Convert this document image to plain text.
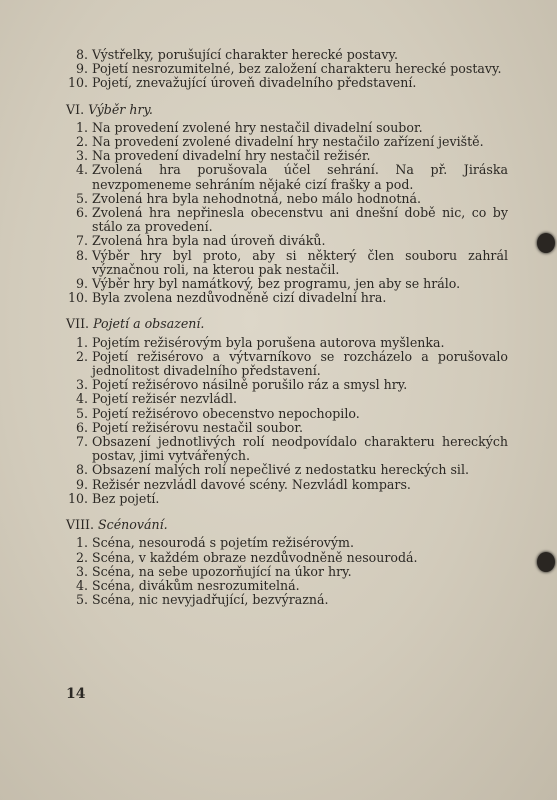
8. Výstřelky, porušující charakter herecké postavy.
9. Pojetí nesrozumitelné, bez založení charakteru herecké postavy.
10. Pojetí, znevažující úroveň divadelního představení.
VI. Výběr hry.
1. Na provedení zvolené hry nestačil divadelní soubor.
2. Na provedení zvolené divadelní hry nestačilo zařízení jeviště.
3. Na provedení divadelní hry nestačil režisér.
4. Zvolená hra porušovala účel sehrání. Na př. Jiráska nevzpomeneme sehráním nějaké cizí frašky a pod.
5. Zvolená hra byla nehodnotná, nebo málo hodnotná.
6. Zvolená hra nepřinesla obecenstvu ani dnešní době nic, co by stálo za provedení.
7. Zvolená hra byla nad úroveň diváků.
8. Výběr hry byl proto, aby si některý člen souboru zahrál význačnou roli, na kterou pak nestačil.
9. Výběr hry byl namátkový, bez programu, jen aby se hrálo.
10. Byla zvolena nezdůvodněně cizí divadelní hra.
VII. Pojetí a obsazení.
1. Pojetím režisérovým byla porušena autorova myšlenka.
2. Pojetí režisérovo a výtvarníkovo se rozcházelo a porušovalo jednolitost divadelního představení.
3. Pojetí režisérovo násilně porušilo ráz a smysl hry.
4. Pojetí režisér nezvládl.
5. Pojetí režisérovo obecenstvo nepochopilo.
6. Pojetí režisérovu nestačil soubor.
7. Obsazení jednotlivých rolí neodpovídalo charakteru hereckých postav, jimi vytvářených.
8. Obsazení malých rolí nepečlivé z nedostatku hereckých sil.
9. Režisér nezvládl davové scény. Nezvládl kompars.
10. Bez pojetí.
VIII. Scénování.
1. Scéna, nesourodá s pojetím režisérovým.
2. Scéna, v každém obraze nezdůvodněně nesourodá.
3. Scéna, na sebe upozorňující na úkor hry.
4. Scéna, divákům nesrozumitelná.
5. Scéna, nic nevyjadřující, bezvýrazná.
14
